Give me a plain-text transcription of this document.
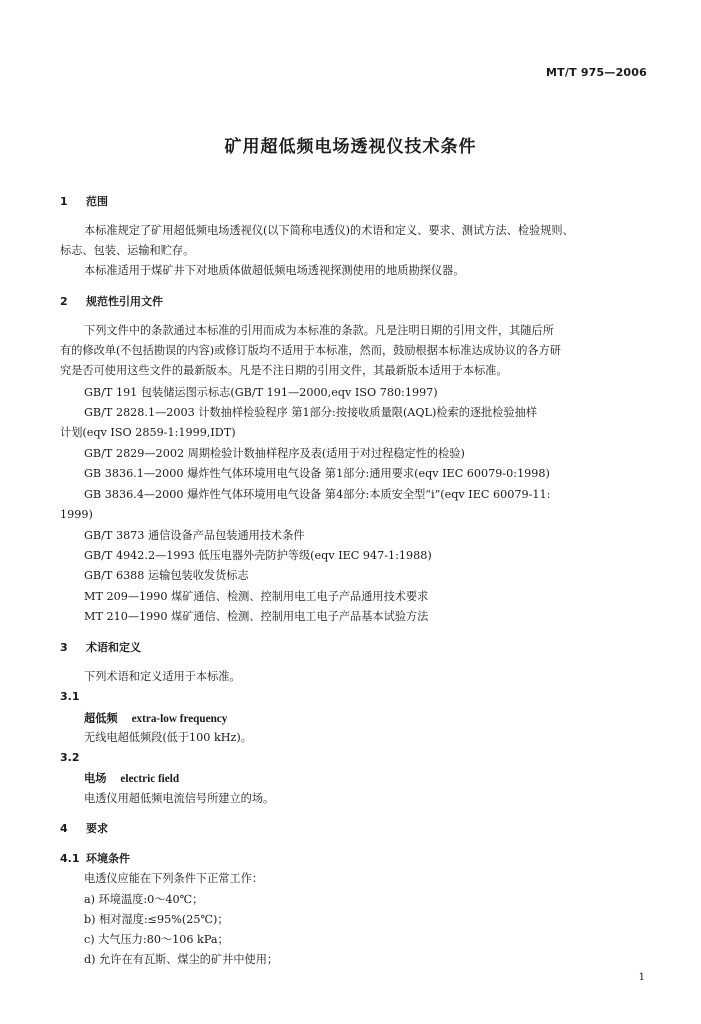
MT/T 975—2006
矿用超低频电场透视仪技术条件
1 范围
本标准规定了矿用超低频电场透视仪(以下简称电透仪)的术语和定义、要求、测试方法、检验规则、
标志、包装、运输和贮存。
本标准适用于煤矿井下对地质体做超低频电场透视探测使用的地质勘探仪器。
2 规范性引用文件
下列文件中的条款通过本标准的引用而成为本标准的条款。凡是注明日期的引用文件，其随后所
有的修改单(不包括勘误的内容)或修订版均不适用于本标准，然而，鼓励根据本标准达成协议的各方研
究是否可使用这些文件的最新版本。凡是不注日期的引用文件，其最新版本适用于本标准。
GB/T 191 包装储运图示标志(GB/T 191—2000,eqv ISO 780:1997)
GB/T 2828.1—2003 计数抽样检验程序 第1部分:按接收质量限(AQL)检索的逐批检验抽样
计划(eqv ISO 2859-1:1999,IDT)
GB/T 2829—2002 周期检验计数抽样程序及表(适用于对过程稳定性的检验)
GB 3836.1—2000 爆炸性气体环境用电气设备 第1部分:通用要求(eqv IEC 60079-0:1998)
GB 3836.4—2000 爆炸性气体环境用电气设备 第4部分:本质安全型“i”(eqv IEC 60079-11:
1999)
GB/T 3873 通信设备产品包装通用技术条件
GB/T 4942.2—1993 低压电器外壳防护等级(eqv IEC 947-1:1988)
GB/T 6388 运输包装收发货标志
MT 209—1990 煤矿通信、检测、控制用电工电子产品通用技术要求
MT 210—1990 煤矿通信、检测、控制用电工电子产品基本试验方法
3 术语和定义
下列术语和定义适用于本标准。
3.1
超低频 extra-low frequency
无线电超低频段(低于100 kHz)。
3.2
电场 electric field
电透仪用超低频电流信号所建立的场。
4 要求
4.1 环境条件
电透仪应能在下列条件下正常工作：
a) 环境温度:0～40℃；
b) 相对湿度:≤95%(25℃)；
c) 大气压力:80～106 kPa；
d) 允许在有瓦斯、煤尘的矿井中使用；
1
